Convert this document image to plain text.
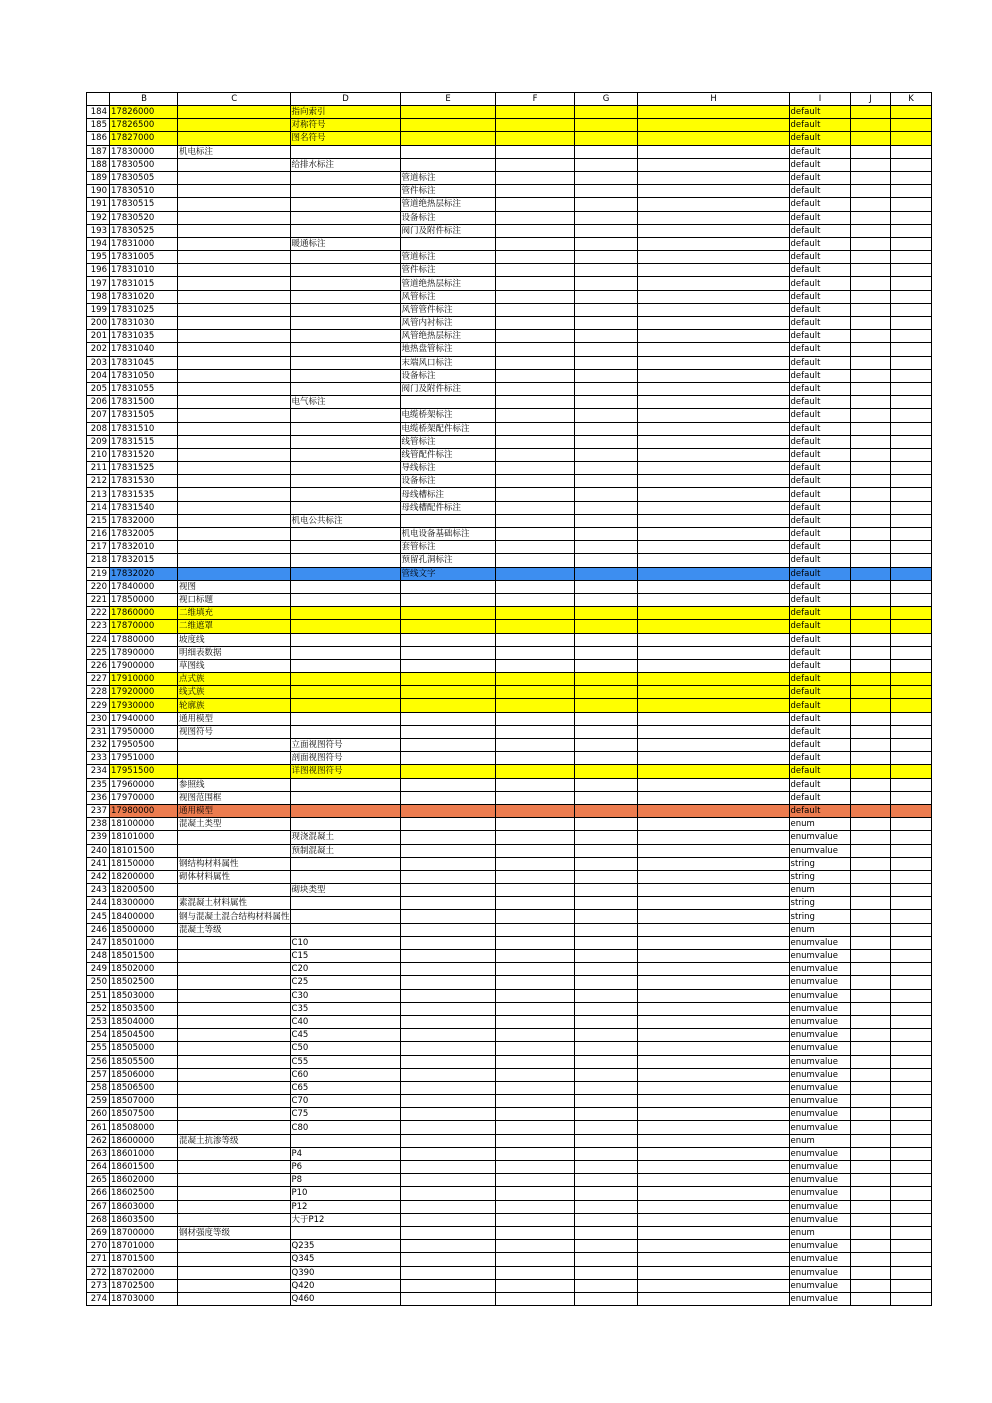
	B	C	D	E	F	G	H	I	J	K
184	17826000		指向索引					default		
185	17826500		对称符号					default		
186	17827000		图名符号					default		
187	17830000	机电标注						default		
188	17830500		给排水标注					default		
189	17830505			管道标注				default		
190	17830510			管件标注				default		
191	17830515			管道绝热层标注				default		
192	17830520			设备标注				default		
193	17830525			阀门及附件标注				default		
194	17831000		暖通标注					default		
195	17831005			管道标注				default		
196	17831010			管件标注				default		
197	17831015			管道绝热层标注				default		
198	17831020			风管标注				default		
199	17831025			风管管件标注				default		
200	17831030			风管内衬标注				default		
201	17831035			风管绝热层标注				default		
202	17831040			地热盘管标注				default		
203	17831045			末端风口标注				default		
204	17831050			设备标注				default		
205	17831055			阀门及附件标注				default		
206	17831500		电气标注					default		
207	17831505			电缆桥架标注				default		
208	17831510			电缆桥架配件标注				default		
209	17831515			线管标注				default		
210	17831520			线管配件标注				default		
211	17831525			导线标注				default		
212	17831530			设备标注				default		
213	17831535			母线槽标注				default		
214	17831540			母线槽配件标注				default		
215	17832000		机电公共标注					default		
216	17832005			机电设备基础标注				default		
217	17832010			套管标注				default		
218	17832015			预留孔洞标注				default		
219	17832020			管线文字				default		
220	17840000	视图						default		
221	17850000	视口标题						default		
222	17860000	二维填充						default		
223	17870000	二维遮罩						default		
224	17880000	坡度线						default		
225	17890000	明细表数据						default		
226	17900000	草图线						default		
227	17910000	点式族						default		
228	17920000	线式族						default		
229	17930000	轮廓族						default		
230	17940000	通用模型						default		
231	17950000	视图符号						default		
232	17950500		立面视图符号					default		
233	17951000		剖面视图符号					default		
234	17951500		详图视图符号					default		
235	17960000	参照线						default		
236	17970000	视图范围框						default		
237	17980000	通用模型						default		
238	18100000	混凝土类型						enum		
239	18101000		现浇混凝土					enumvalue		
240	18101500		预制混凝土					enumvalue		
241	18150000	钢结构材料属性						string		
242	18200000	砌体材料属性						string		
243	18200500		砌块类型					enum		
244	18300000	素混凝土材料属性						string		
245	18400000	钢与混凝土混合结构材料属性						string		
246	18500000	混凝土等级						enum		
247	18501000		C10					enumvalue		
248	18501500		C15					enumvalue		
249	18502000		C20					enumvalue		
250	18502500		C25					enumvalue		
251	18503000		C30					enumvalue		
252	18503500		C35					enumvalue		
253	18504000		C40					enumvalue		
254	18504500		C45					enumvalue		
255	18505000		C50					enumvalue		
256	18505500		C55					enumvalue		
257	18506000		C60					enumvalue		
258	18506500		C65					enumvalue		
259	18507000		C70					enumvalue		
260	18507500		C75					enumvalue		
261	18508000		C80					enumvalue		
262	18600000	混凝土抗渗等级						enum		
263	18601000		P4					enumvalue		
264	18601500		P6					enumvalue		
265	18602000		P8					enumvalue		
266	18602500		P10					enumvalue		
267	18603000		P12					enumvalue		
268	18603500		大于P12					enumvalue		
269	18700000	钢材强度等级						enum		
270	18701000		Q235					enumvalue		
271	18701500		Q345					enumvalue		
272	18702000		Q390					enumvalue		
273	18702500		Q420					enumvalue		
274	18703000		Q460					enumvalue		
